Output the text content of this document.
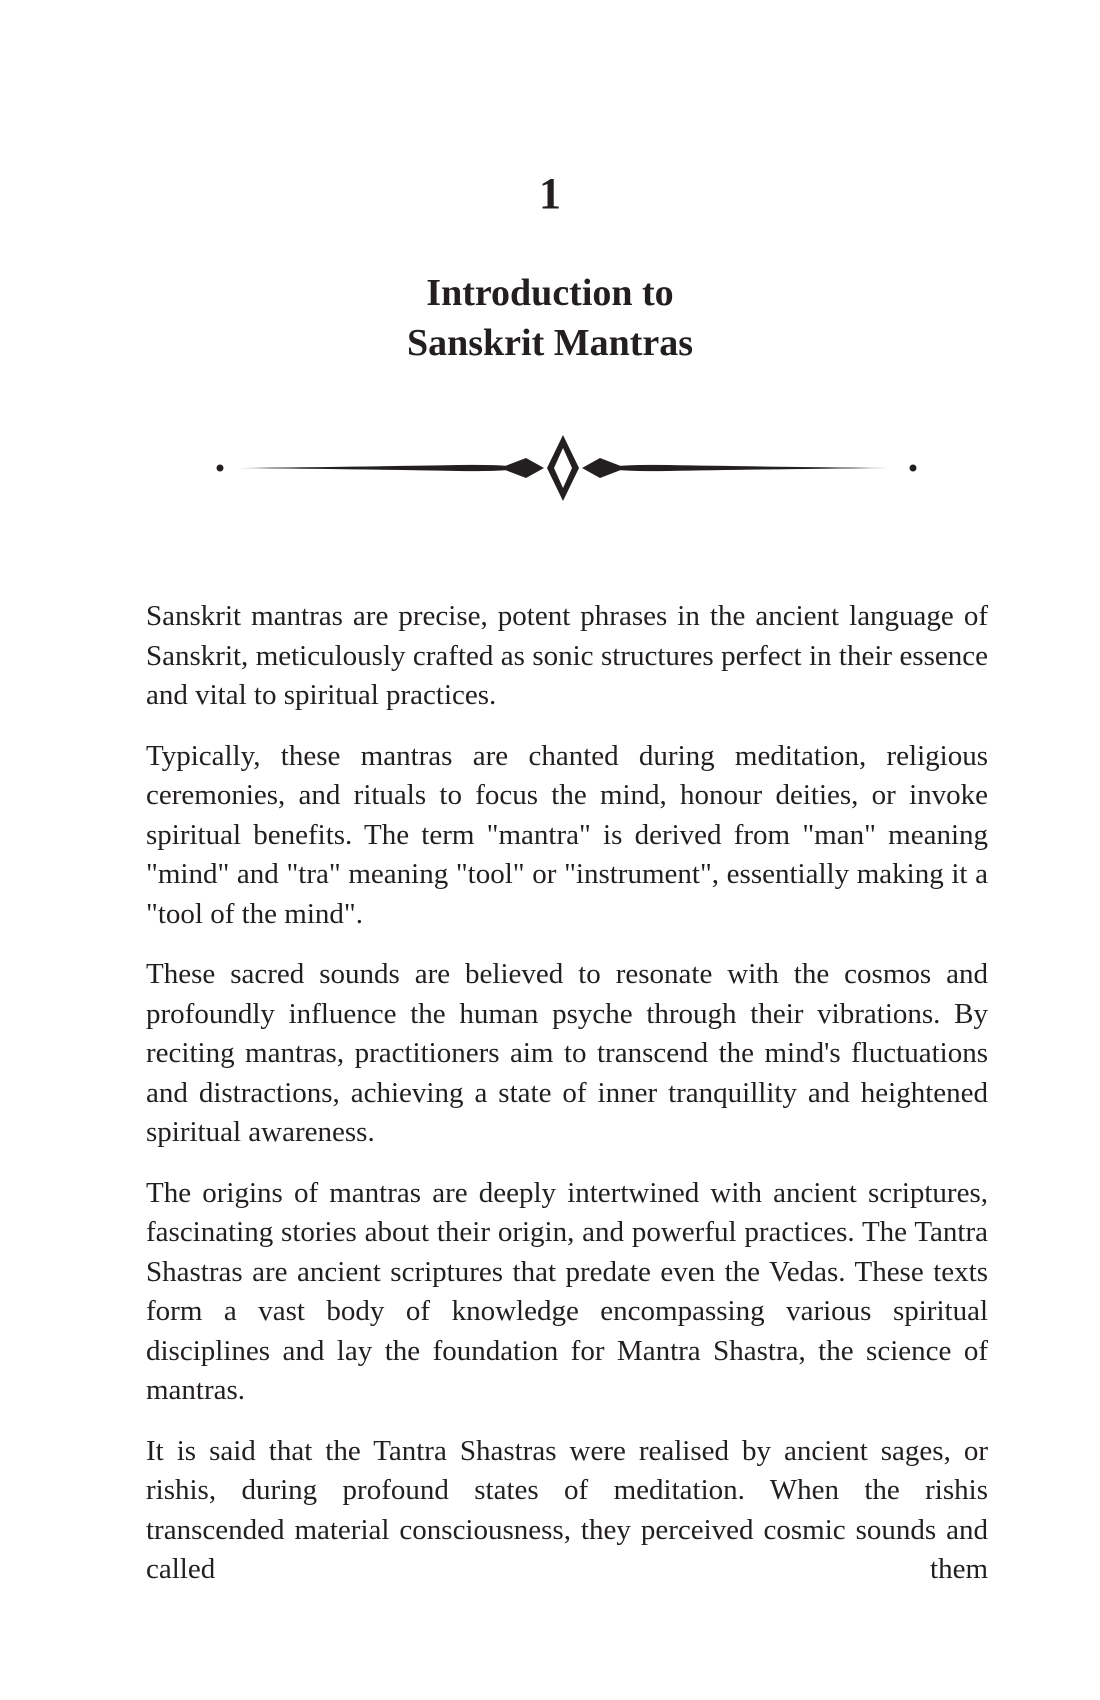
1
Introduction to
Sanskrit Mantras

Sanskrit mantras are precise, potent phrases in the ancient language of Sanskrit, meticulously crafted as sonic structures perfect in their essence and vital to spiritual practices.

Typically, these mantras are chanted during meditation, religious ceremonies, and rituals to focus the mind, honour deities, or invoke spiritual benefits. The term "mantra" is derived from "man" meaning "mind" and "tra" meaning "tool" or "instrument", essentially making it a "tool of the mind".

These sacred sounds are believed to resonate with the cosmos and profoundly influence the human psyche through their vibrations. By reciting mantras, practitioners aim to transcend the mind's fluctuations and distractions, achieving a state of inner tranquillity and heightened spiritual awareness.

The origins of mantras are deeply intertwined with ancient scriptures, fascinating stories about their origin, and powerful practices. The Tantra Shastras are ancient scriptures that predate even the Vedas. These texts form a vast body of knowledge encompassing various spiritual disciplines and lay the foundation for Mantra Shastra, the science of mantras.

It is said that the Tantra Shastras were realised by ancient sages, or rishis, during profound states of meditation. When the rishis transcended material consciousness, they perceived cosmic sounds and called them
